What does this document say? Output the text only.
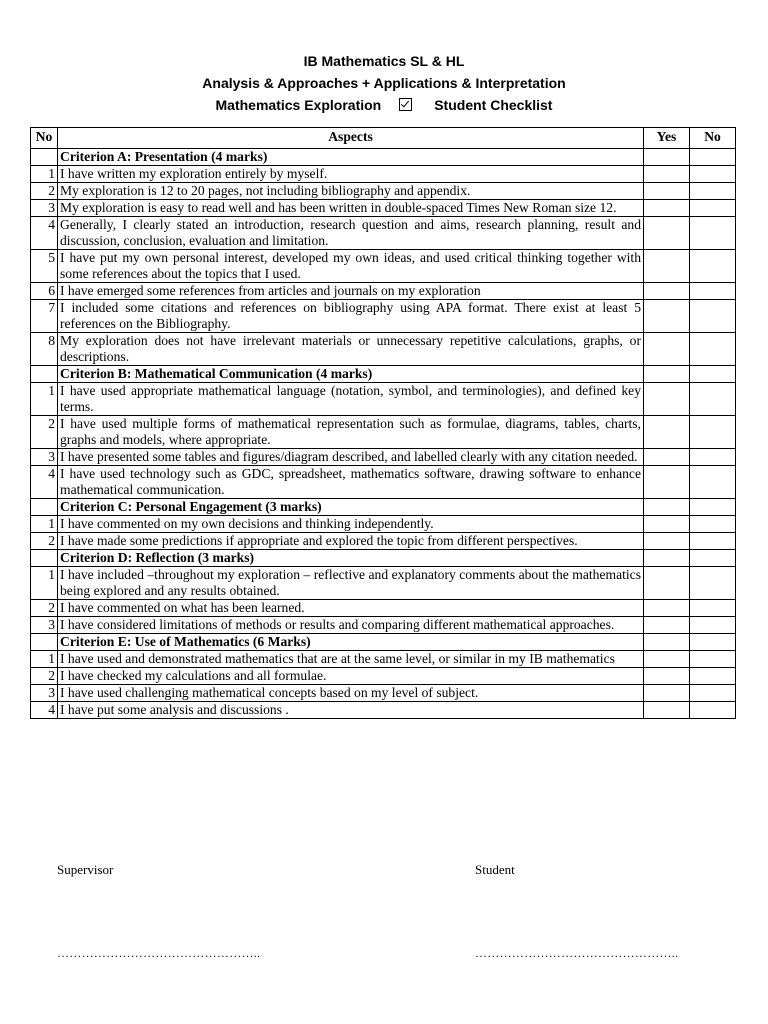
IB Mathematics SL & HL
Analysis & Approaches + Applications & Interpretation
Mathematics Exploration	Student Checklist
No	Aspects	Yes	No
	Criterion A: Presentation (4 marks)		
1	I have written my exploration entirely by myself.		
2	My exploration is 12 to 20 pages, not including bibliography and appendix.		
3	My exploration is easy to read well and has been written in double-spaced Times New Roman size 12.		
4	Generally, I clearly stated an introduction, research question and aims, research planning, result and discussion, conclusion, evaluation and limitation.		
5	I have put my own personal interest, developed my own ideas, and used critical thinking together with some references about the topics that I used.		
6	I have emerged some references from articles and journals on my exploration		
7	I included some citations and references on bibliography using APA format. There exist at least 5 references on the Bibliography.		
8	My exploration does not have irrelevant materials or unnecessary repetitive calculations, graphs, or descriptions.		
	Criterion B: Mathematical Communication (4 marks)		
1	I have used appropriate mathematical language (notation, symbol, and terminologies), and defined key terms.		
2	I have used multiple forms of mathematical representation such as formulae, diagrams, tables, charts, graphs and models, where appropriate.		
3	I have presented some tables and figures/diagram described, and labelled clearly with any citation needed.		
4	I have used technology such as GDC, spreadsheet, mathematics software, drawing software to enhance mathematical communication.		
	Criterion C: Personal Engagement (3 marks)		
1	I have commented on my own decisions and thinking independently.		
2	I have made some predictions if appropriate and explored the topic from different perspectives.		
	Criterion D: Reflection (3 marks)		
1	I have included –throughout my exploration – reflective and explanatory comments about the mathematics being explored and any results obtained.		
2	I have commented on what has been learned.		
3	I have considered limitations of methods or results and comparing different mathematical approaches.		
	Criterion E: Use of Mathematics (6 Marks)		
1	I have used and demonstrated mathematics that are at the same level, or similar in my IB mathematics		
2	I have checked my calculations and all formulae.		
3	I have used challenging mathematical concepts based on my level of subject.		
4	I have put some analysis and discussions .		
Supervisor	Student
…………………………………………..	…………………………………………..
